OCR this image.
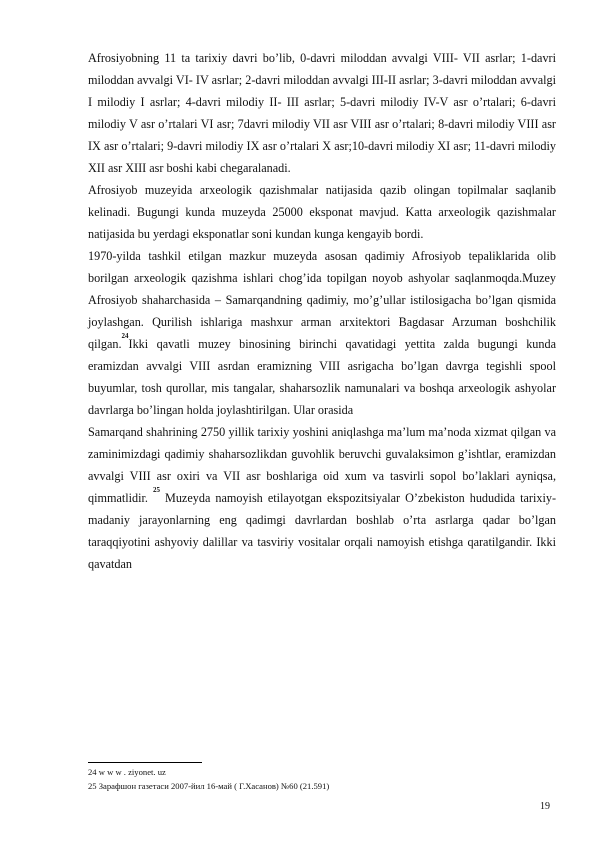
Afrosiyobning 11 ta tarixiy davri bo’lib, 0-davri miloddan avvalgi VIII- VII asrlar; 1-davri miloddan avvalgi VI- IV asrlar; 2-davri miloddan avvalgi III-II asrlar; 3-davri miloddan avvalgi I milodiy I asrlar; 4-davri milodiy II- III asrlar; 5-davri milodiy IV-V asr o’rtalari; 6-davri milodiy V asr o’rtalari VI asr; 7davri milodiy VII asr VIII asr o’rtalari; 8-davri milodiy VIII asr IX asr o’rtalari; 9-davri milodiy IX asr o’rtalari X asr;10-davri milodiy XI asr; 11-davri milodiy XII asr XIII asr boshi kabi chegaralanadi.

Afrosiyob muzeyida arxeologik qazishmalar natijasida qazib olingan topilmalar saqlanib kelinadi. Bugungi kunda muzeyda 25000 eksponat mavjud. Katta arxeologik qazishmalar natijasida bu yerdagi eksponatlar soni kundan kunga kengayib bordi.

1970-yilda tashkil etilgan mazkur muzeyda asosan qadimiy Afrosiyob tepaliklarida olib borilgan arxeologik qazishma ishlari chog’ida topilgan noyob ashyolar saqlanmoqda.Muzey Afrosiyob shaharchasida – Samarqandning qadimiy, mo’g’ullar istilosigacha bo’lgan qismida joylashgan. Qurilish ishlariga mashxur arman arxitektori Bagdasar Arzuman boshchilik qilgan.$^{24}$Ikki qavatli muzey binosining birinchi qavatidagi yettita zalda bugungi kunda eramizdan avvalgi VIII asrdan eramizning VIII asrigacha bo’lgan davrga tegishli spool buyumlar, tosh qurollar, mis tangalar, shaharsozlik namunalari va boshqa arxeologik ashyolar davrlarga bo’lingan holda joylashtirilgan. Ular orasida

Samarqand shahrining 2750 yillik tarixiy yoshini aniqlashga ma’lum ma’noda xizmat qilgan va zaminimizdagi qadimiy shaharsozlikdan guvohlik beruvchi guvalaksimon g’ishtlar, eramizdan avvalgi VIII asr oxiri va VII asr boshlariga oid xum va tasvirli sopol bo’laklari ayniqsa, qimmatlidir. $^{25}$ Muzeyda namoyish etilayotgan ekspozitsiyalar O’zbekiston hududida tarixiy-madaniy jarayonlarning eng qadimgi davrlardan boshlab o’rta asrlarga qadar bo’lgan taraqqiyotini ashyoviy dalillar va tasviriy vositalar orqali namoyish etishga qaratilgandir. Ikki qavatdan

24 w w w . ziyonet. uz

25 Зарафшон газетаси 2007-йил 16-май ( Г.Хасанов) №60 (21.591)

19
